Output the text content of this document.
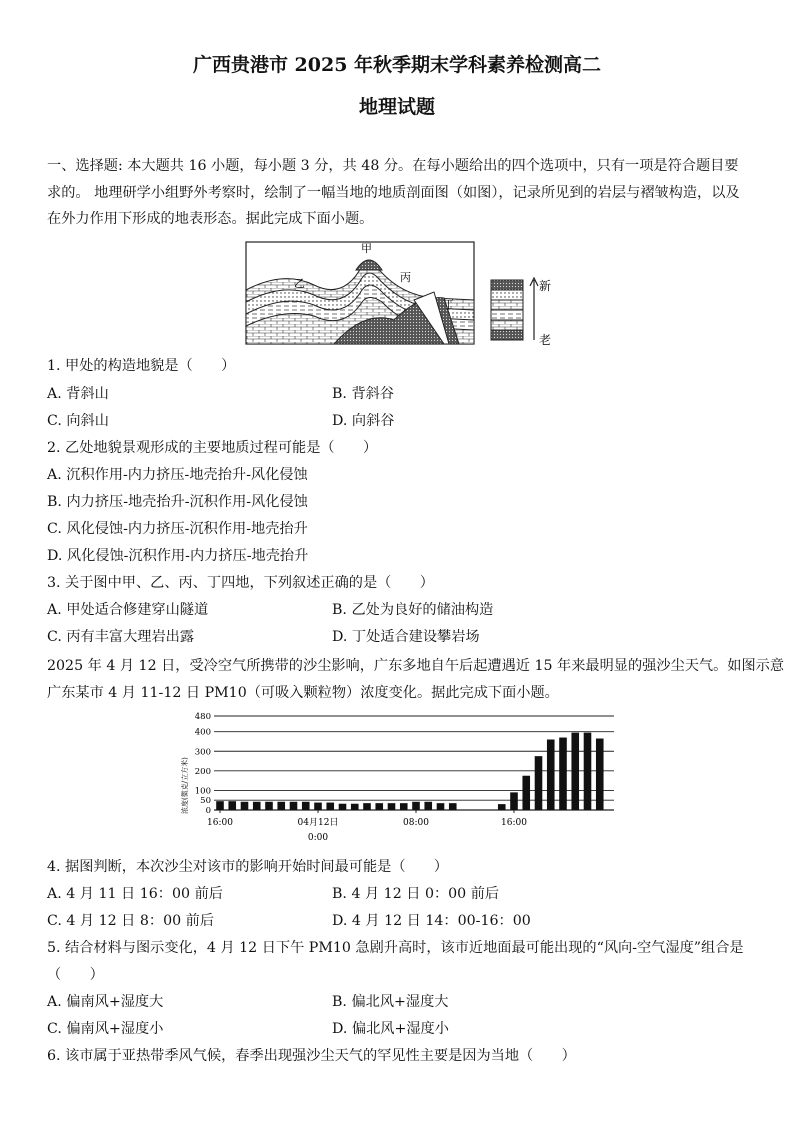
广西贵港市 2025 年秋季期末学科素养检测高二
地理试题
一、选择题: 本大题共 16 小题，每小题 3 分，共 48 分。在每小题给出的四个选项中，只有一项是符合题目要求的。 地理研学小组野外考察时，绘制了一幅当地的地质剖面图（如图），记录所见到的岩层与褶皱构造，以及在外力作用下形成的地表形态。据此完成下面小题。
甲
乙	丙
丁
新
老
1. 甲处的构造地貌是（　　）
A. 背斜山	B. 背斜谷
C. 向斜山	D. 向斜谷
2. 乙处地貌景观形成的主要地质过程可能是（　　）
A. 沉积作用-内力挤压-地壳抬升-风化侵蚀
B. 内力挤压-地壳抬升-沉积作用-风化侵蚀
C. 风化侵蚀-内力挤压-沉积作用-地壳抬升
D. 风化侵蚀-沉积作用-内力挤压-地壳抬升
3. 关于图中甲、乙、丙、丁四地，下列叙述正确的是（　　）
A. 甲处适合修建穿山隧道	B. 乙处为良好的储油构造
C. 丙有丰富大理岩出露	D. 丁处适合建设攀岩场
2025 年 4 月 12 日，受冷空气所携带的沙尘影响，广东多地自午后起遭遇近 15 年来最明显的强沙尘天气。如图示意
广东某市 4 月 11-12 日 PM10（可吸入颗粒物）浓度变化。据此完成下面小题。
0
50
100
200
300
400
480
16:00	04月12日
0:00
08:00	16:00
浓度(微克/立方米)
4. 据图判断，本次沙尘对该市的影响开始时间最可能是（　　）
A. 4 月 11 日 16：00 前后	B. 4 月 12 日 0：00 前后
C. 4 月 12 日 8：00 前后	D. 4 月 12 日 14：00-16：00
5. 结合材料与图示变化，4 月 12 日下午 PM10 急剧升高时，该市近地面最可能出现的“风向-空气湿度”组合是
（　　）
A. 偏南风+湿度大	B. 偏北风+湿度大
C. 偏南风+湿度小	D. 偏北风+湿度小
6. 该市属于亚热带季风气候，春季出现强沙尘天气的罕见性主要是因为当地（　　）
